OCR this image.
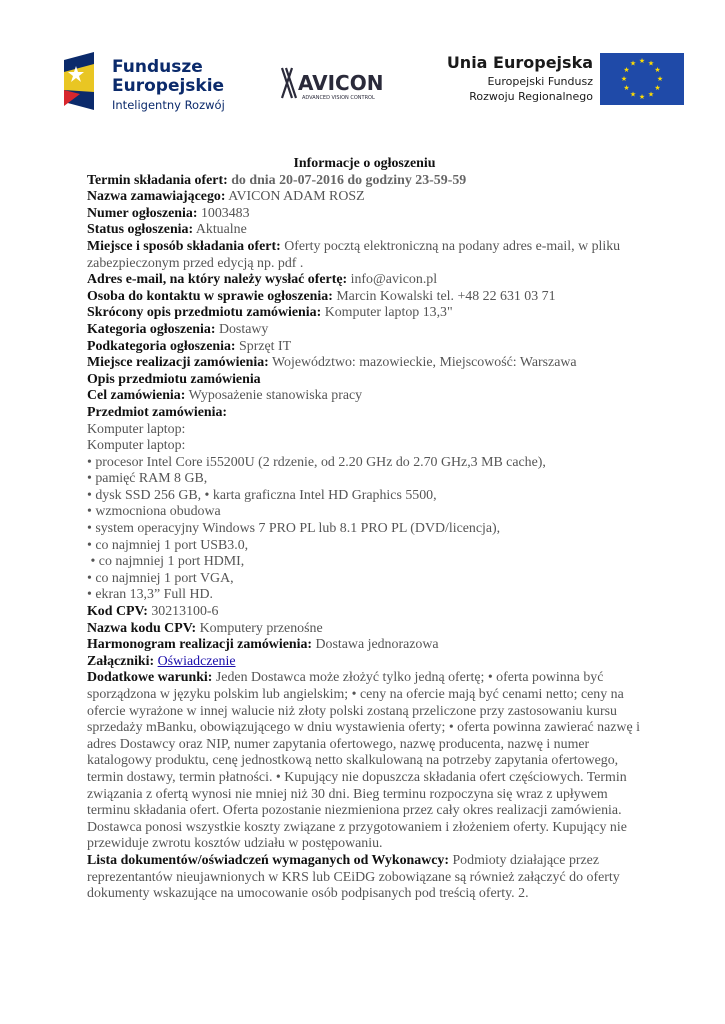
Fundusze
Europejskie
Inteligentny Rozwój
AVICON
ADVANCED VISION CONTROL
Unia Europejska
Europejski Fundusz
Rozwoju Regionalnego
★ ★
★
★
★
★
★
★
★
★
★
★

Informacje o ogłoszeniu

Termin składania ofert: do dnia 20-07-2016 do godziny 23-59-59

Nazwa zamawiającego: AVICON ADAM ROSZ

Numer ogłoszenia: 1003483

Status ogłoszenia: Aktualne

Miejsce i sposób składania ofert: Oferty pocztą elektroniczną na podany adres e-mail, w pliku zabezpieczonym przed edycją np. pdf .

Adres e-mail, na który należy wysłać ofertę: info@avicon.pl

Osoba do kontaktu w sprawie ogłoszenia: Marcin Kowalski tel. +48 22 631 03 71

Skrócony opis przedmiotu zamówienia: Komputer laptop 13,3"

Kategoria ogłoszenia: Dostawy

Podkategoria ogłoszenia: Sprzęt IT

Miejsce realizacji zamówienia: Województwo: mazowieckie, Miejscowość: Warszawa

Opis przedmiotu zamówienia

Cel zamówienia: Wyposażenie stanowiska pracy

Przedmiot zamówienia:

Komputer laptop:

Komputer laptop:

• procesor Intel Core i55200U (2 rdzenie, od 2.20 GHz do 2.70 GHz,3 MB cache),

• pamięć RAM 8 GB,

• dysk SSD 256 GB, • karta graficzna Intel HD Graphics 5500,

• wzmocniona obudowa

• system operacyjny Windows 7 PRO PL lub 8.1 PRO PL (DVD/licencja),

• co najmniej 1 port USB3.0,

• co najmniej 1 port HDMI,

• co najmniej 1 port VGA,

• ekran 13,3” Full HD.

Kod CPV: 30213100-6

Nazwa kodu CPV: Komputery przenośne

Harmonogram realizacji zamówienia: Dostawa jednorazowa

Załączniki: Oświadczenie

Dodatkowe warunki: Jeden Dostawca może złożyć tylko jedną ofertę; • oferta powinna być sporządzona w języku polskim lub angielskim; • ceny na ofercie mają być cenami netto; ceny na ofercie wyrażone w innej walucie niż złoty polski zostaną przeliczone przy zastosowaniu kursu sprzedaży mBanku, obowiązującego w dniu wystawienia oferty; • oferta powinna zawierać nazwę i adres Dostawcy oraz NIP, numer zapytania ofertowego, nazwę producenta, nazwę i numer katalogowy produktu, cenę jednostkową netto skalkulowaną na potrzeby zapytania ofertowego, termin dostawy, termin płatności. • Kupujący nie dopuszcza składania ofert częściowych. Termin związania z ofertą wynosi nie mniej niż 30 dni. Bieg terminu rozpoczyna się wraz z upływem terminu składania ofert. Oferta pozostanie niezmieniona przez cały okres realizacji zamówienia. Dostawca ponosi wszystkie koszty związane z przygotowaniem i złożeniem oferty. Kupujący nie przewiduje zwrotu kosztów udziału w postępowaniu.

Lista dokumentów/oświadczeń wymaganych od Wykonawcy: Podmioty działające przez reprezentantów nieujawnionych w KRS lub CEiDG zobowiązane są również załączyć do oferty dokumenty wskazujące na umocowanie osób podpisanych pod treścią oferty. 2.
